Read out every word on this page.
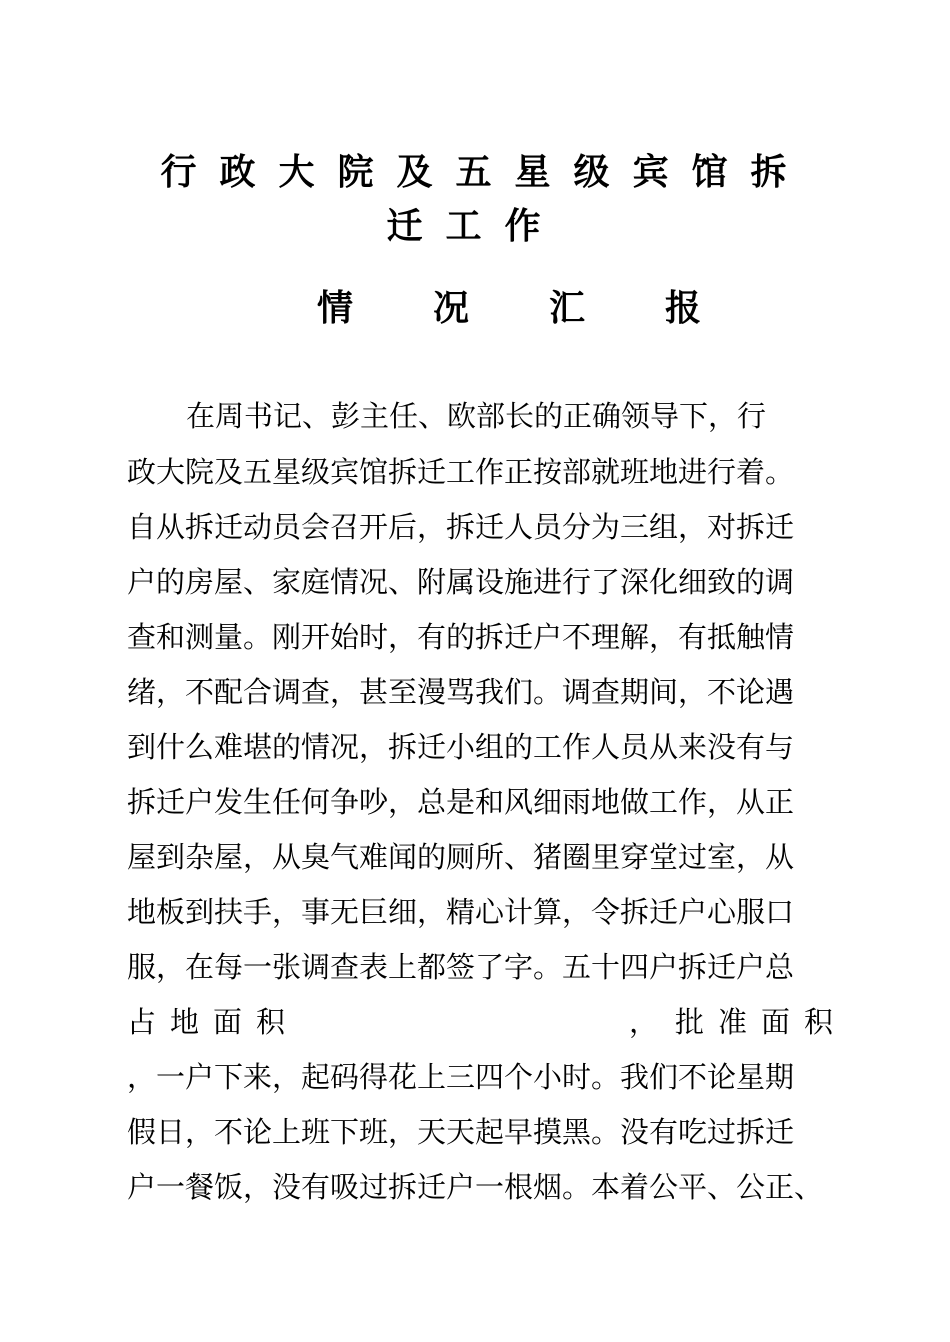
行政大院及五星级宾馆拆
迁工作
情况汇报
在周书记、彭主任、欧部长的正确领导下，行
政大院及五星级宾馆拆迁工作正按部就班地进行着。
自从拆迁动员会召开后，拆迁人员分为三组，对拆迁
户的房屋、家庭情况、附属设施进行了深化细致的调
查和测量。刚开始时，有的拆迁户不理解，有抵触情
绪，不配合调查，甚至漫骂我们。调查期间，不论遇
到什么难堪的情况，拆迁小组的工作人员从来没有与
拆迁户发生任何争吵，总是和风细雨地做工作，从正
屋到杂屋，从臭气难闻的厕所、猪圈里穿堂过室，从
地板到扶手，事无巨细，精心计算，令拆迁户心服口
服，在每一张调查表上都签了字。五十四户拆迁户总
占地面积	， 批准面积
，一户下来，起码得花上三四个小时。我们不论星期
假日，不论上班下班，天天起早摸黑。没有吃过拆迁
户一餐饭，没有吸过拆迁户一根烟。本着公平、公正、
